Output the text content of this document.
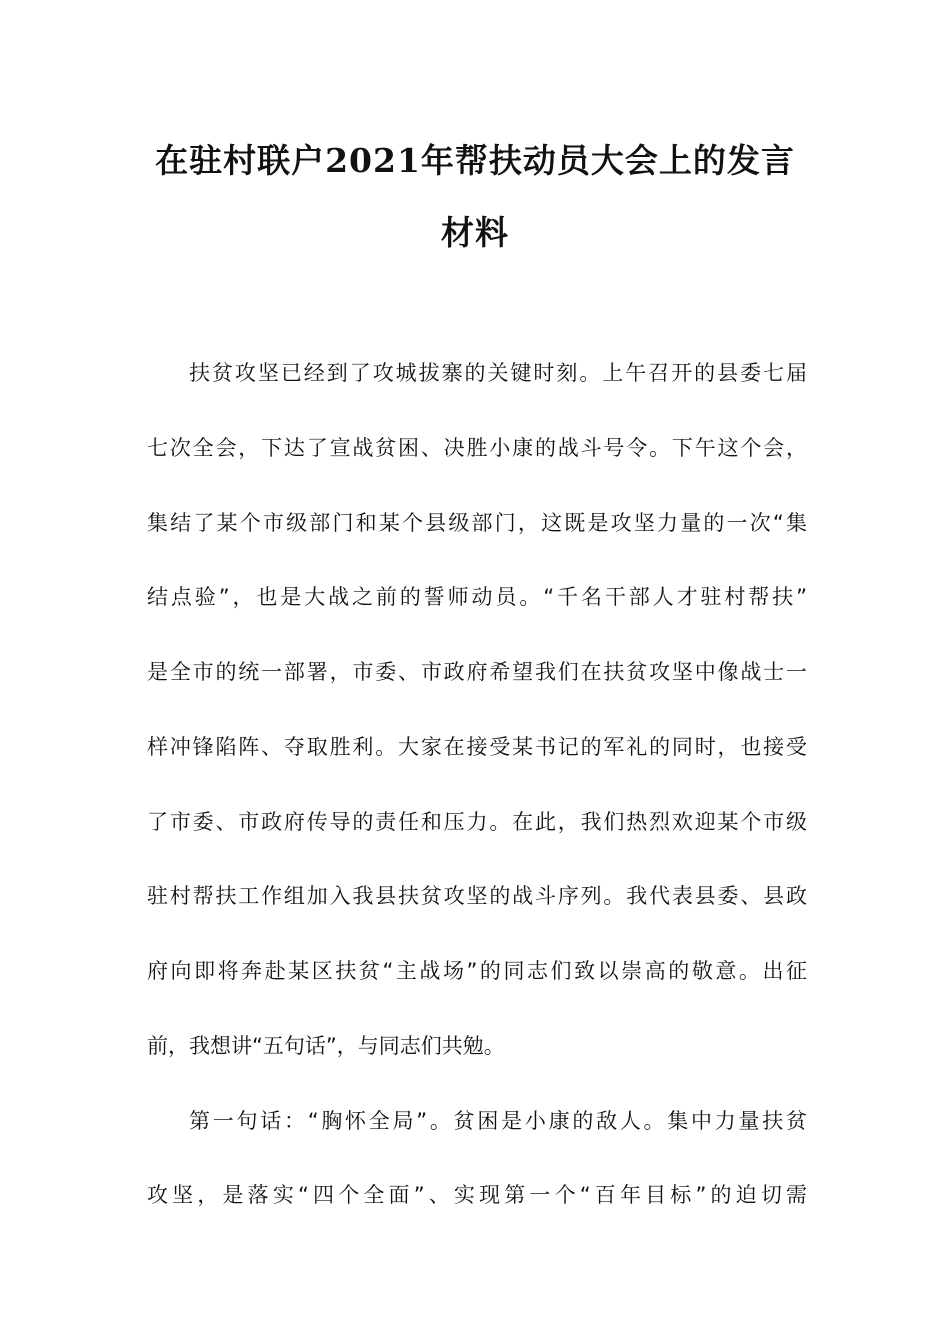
在驻村联户2021年帮扶动员大会上的发言
材料

扶贫攻坚已经到了攻城拔寨的关键时刻。上午召开的县委七届

七次全会，下达了宣战贫困、决胜小康的战斗号令。下午这个会，

集结了某个市级部门和某个县级部门，这既是攻坚力量的一次“集

结点验”，也是大战之前的誓师动员。“千名干部人才驻村帮扶”

是全市的统一部署，市委、市政府希望我们在扶贫攻坚中像战士一

样冲锋陷阵、夺取胜利。大家在接受某书记的军礼的同时，也接受

了市委、市政府传导的责任和压力。在此，我们热烈欢迎某个市级

驻村帮扶工作组加入我县扶贫攻坚的战斗序列。我代表县委、县政

府向即将奔赴某区扶贫“主战场”的同志们致以崇高的敬意。出征

前，我想讲“五句话”，与同志们共勉。

第一句话：“胸怀全局”。贫困是小康的敌人。集中力量扶贫

攻坚，是落实“四个全面”、实现第一个“百年目标”的迫切需
